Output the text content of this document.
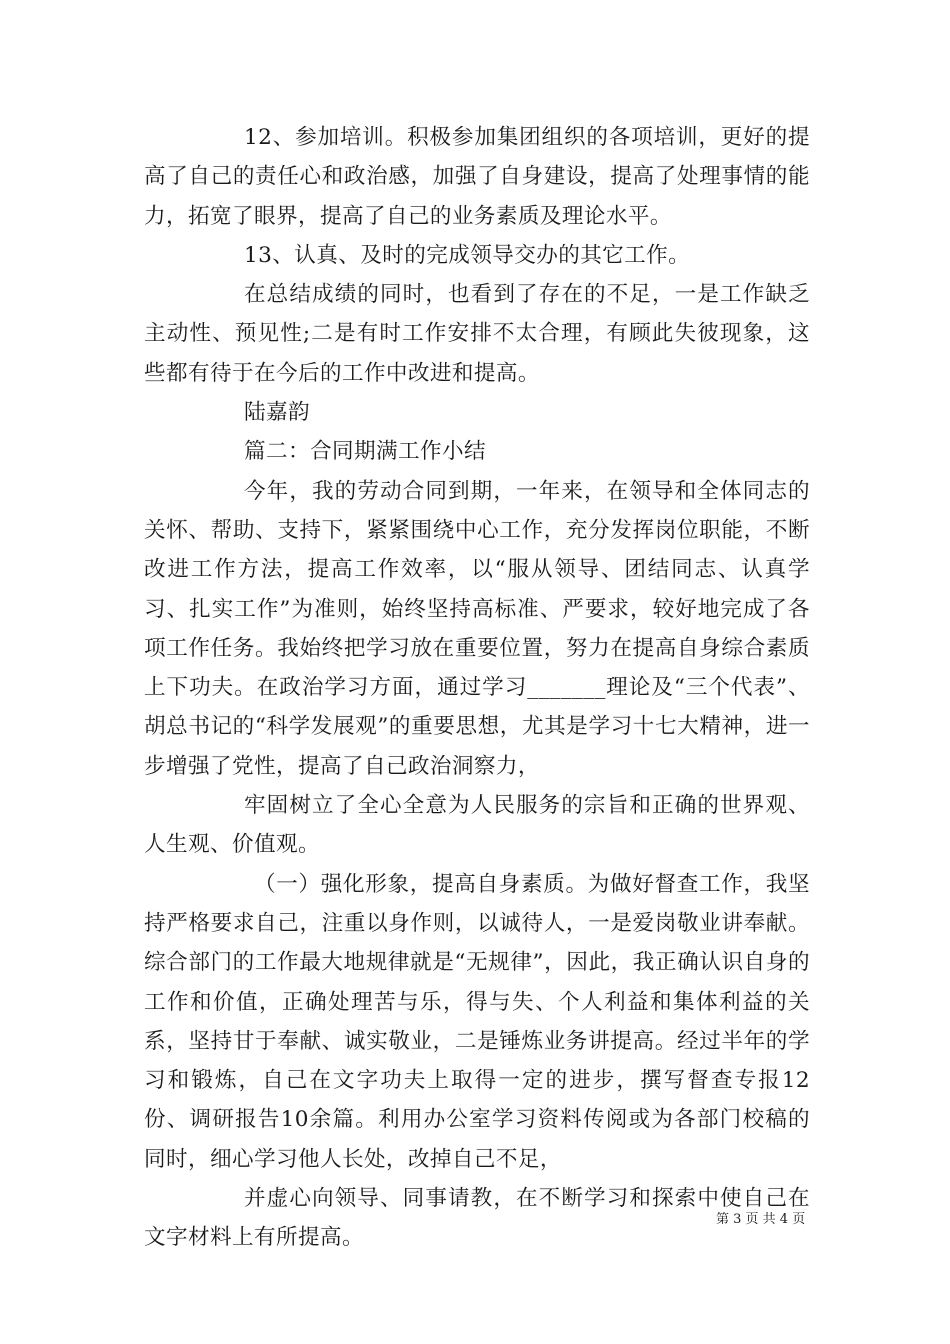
12、参加培训。积极参加集团组织的各项培训，更好的提高了自己的责任心和政治感，加强了自身建设，提高了处理事情的能力，拓宽了眼界，提高了自己的业务素质及理论水平。

13、认真、及时的完成领导交办的其它工作。

在总结成绩的同时，也看到了存在的不足，一是工作缺乏主动性、预见性;二是有时工作安排不太合理，有顾此失彼现象，这些都有待于在今后的工作中改进和提高。

陆嘉韵

篇二：合同期满工作小结

今年，我的劳动合同到期，一年来，在领导和全体同志的关怀、帮助、支持下，紧紧围绕中心工作，充分发挥岗位职能，不断改进工作方法，提高工作效率，以“服从领导、团结同志、认真学习、扎实工作”为准则，始终坚持高标准、严要求，较好地完成了各项工作任务。我始终把学习放在重要位置，努力在提高自身综合素质上下功夫。在政治学习方面，通过学习_______理论及“三个代表”、胡总书记的“科学发展观”的重要思想，尤其是学习十七大精神，进一步增强了党性，提高了自己政治洞察力，

牢固树立了全心全意为人民服务的宗旨和正确的世界观、人生观、价值观。

（一）强化形象，提高自身素质。为做好督查工作，我坚持严格要求自己，注重以身作则，以诚待人，一是爱岗敬业讲奉献。综合部门的工作最大地规律就是“无规律”，因此，我正确认识自身的工作和价值，正确处理苦与乐，得与失、个人利益和集体利益的关系，坚持甘于奉献、诚实敬业，二是锤炼业务讲提高。经过半年的学习和锻炼，自己在文字功夫上取得一定的进步，撰写督查专报12份、调研报告10余篇。利用办公室学习资料传阅或为各部门校稿的同时，细心学习他人长处，改掉自己不足，

并虚心向领导、同事请教，在不断学习和探索中使自己在文字材料上有所提高。

第 3 页 共 4 页
